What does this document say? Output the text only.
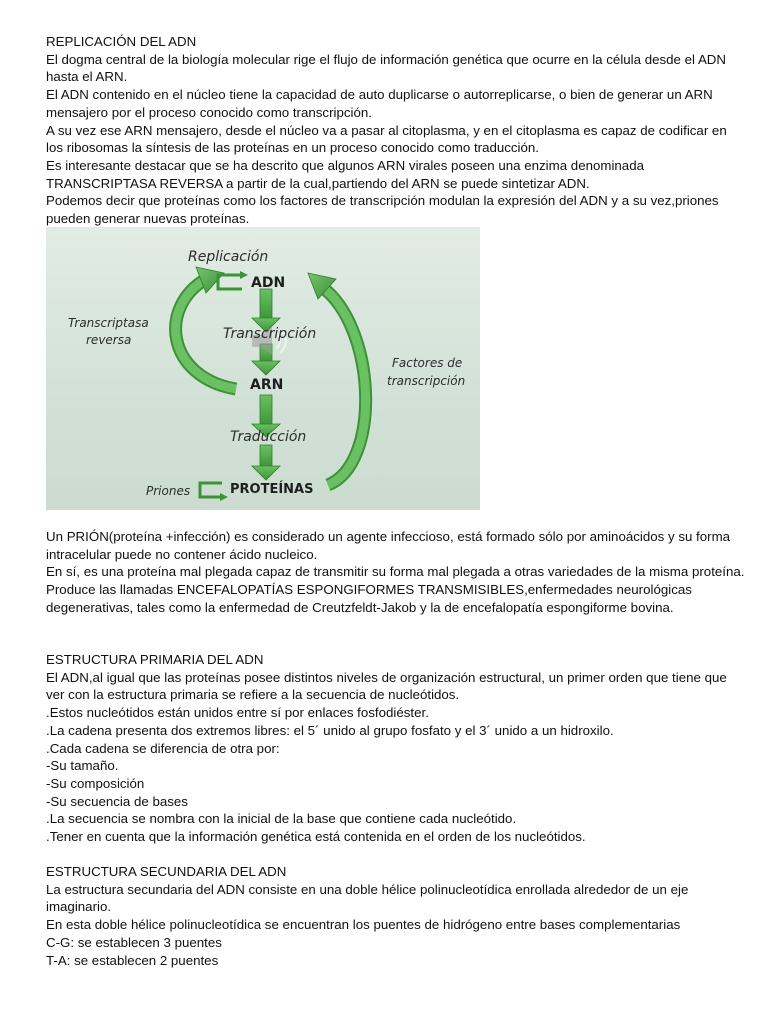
REPLICACIÓN DEL ADN

El dogma central de la biología molecular rige el flujo de información genética que ocurre en la célula desde el ADN hasta el ARN.

El ADN contenido en el núcleo tiene la capacidad de auto duplicarse o autorreplicarse, o bien de generar un ARN mensajero por el proceso conocido como transcripción.

A su vez ese ARN mensajero, desde el núcleo va a pasar al citoplasma, y en el citoplasma es capaz de codificar en los ribosomas la síntesis de las proteínas en un proceso conocido como traducción.

Es interesante destacar que se ha descrito que algunos ARN virales poseen una enzima denominada TRANSCRIPTASA REVERSA a partir de la cual,partiendo del ARN se puede sintetizar ADN.

Podemos decir que proteínas como los factores de transcripción modulan la expresión del ADN y a su vez,priones pueden generar nuevas proteínas.

Replicación
ADN
Transcriptasa
reversa	Transcripción
ARN
Factores de
transcripción
Traducción
Priones	PROTEÍNAS

Un PRIÓN(proteína +infección) es considerado un agente infeccioso, está formado sólo por aminoácidos y su forma intracelular puede no contener ácido nucleico.

En sí, es una proteína mal plegada capaz de transmitir su forma mal plegada a otras variedades de la misma proteína.

Produce las llamadas ENCEFALOPATÍAS ESPONGIFORMES TRANSMISIBLES,enfermedades neurológicas degenerativas, tales como la enfermedad de Creutzfeldt-Jakob y la de encefalopatía espongiforme bovina.

ESTRUCTURA PRIMARIA DEL ADN

El ADN,al igual que las proteínas posee distintos niveles de organización estructural, un primer orden que tiene que ver con la estructura primaria se refiere a la secuencia de nucleótidos.

.Estos nucleótidos están unidos entre sí por enlaces fosfodiéster.

.La cadena presenta dos extremos libres: el 5´ unido al grupo fosfato y el 3´ unido a un hidroxilo.

.Cada cadena se diferencia de otra por:

-Su tamaño.

-Su composición

-Su secuencia de bases

.La secuencia se nombra con la inicial de la base que contiene cada nucleótido.

.Tener en cuenta que la información genética está contenida en el orden de los nucleótidos.

ESTRUCTURA SECUNDARIA DEL ADN

La estructura secundaria del ADN consiste en una doble hélice polinucleotídica enrollada alrededor de un eje imaginario.

En esta doble hélice polinucleotídica se encuentran los puentes de hidrógeno entre bases complementarias

C-G: se establecen 3 puentes

T-A: se establecen 2 puentes
